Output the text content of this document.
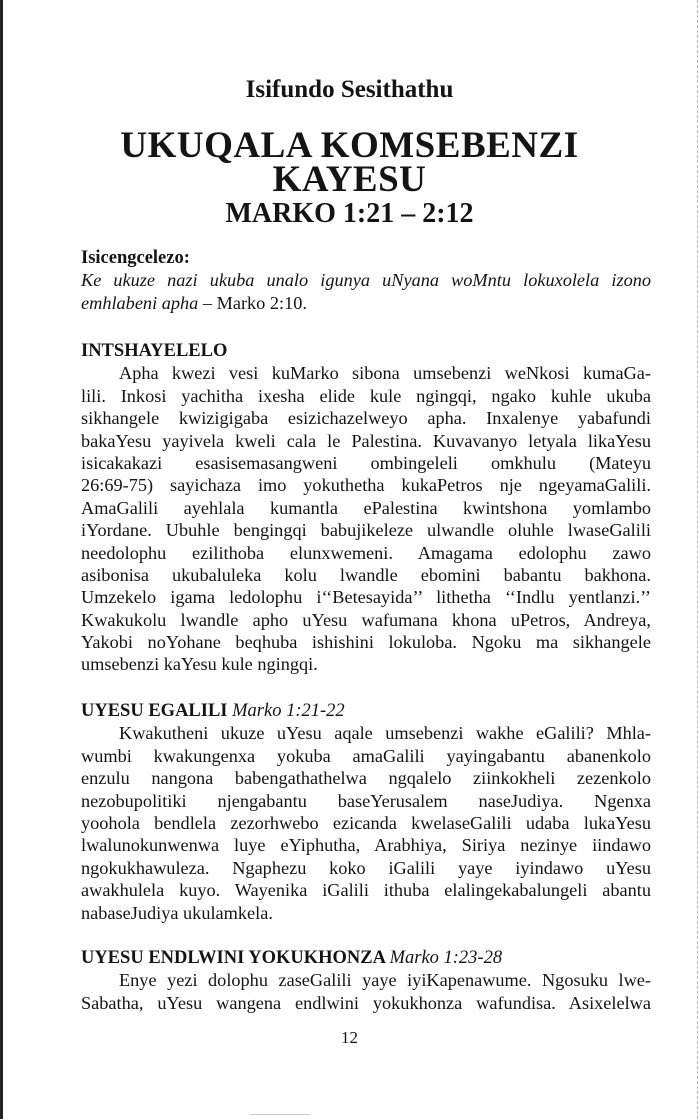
Isifundo Sesithathu
UKUQALA KOMSEBENZI
KAYESU
MARKO 1:21 – 2:12
Isicengcelezo:
Ke ukuze nazi ukuba unalo igunya uNyana woMntu lokuxolela izono
emhlabeni apha – Marko 2:10.
INTSHAYELELO
Apha kwezi vesi kuMarko sibona umsebenzi weNkosi kumaGa-
lili. Inkosi yachitha ixesha elide kule ngingqi, ngako kuhle ukuba
sikhangele kwizigigaba esizichazelweyo apha. Inxalenye yabafundi
bakaYesu yayivela kweli cala le Palestina. Kuvavanyo letyala likaYesu
isicakakazi esasisemasangweni ombingeleli omkhulu (Mateyu
26:69-75) sayichaza imo yokuthetha kukaPetros nje ngeyamaGalili.
AmaGalili ayehlala kumantla ePalestina kwintshona yomlambo
iYordane. Ubuhle bengingqi babujikeleze ulwandle oluhle lwaseGalili
needolophu ezilithoba elunxwemeni. Amagama edolophu zawo
asibonisa ukubaluleka kolu lwandle ebomini babantu bakhona.
Umzekelo igama ledolophu i‘‘Betesayida’’ lithetha ‘‘Indlu yentlanzi.’’
Kwakukolu lwandle apho uYesu wafumana khona uPetros, Andreya,
Yakobi noYohane beqhuba ishishini lokuloba. Ngoku ma sikhangele
umsebenzi kaYesu kule ngingqi.
UYESU EGALILI Marko 1:21-22
Kwakutheni ukuze uYesu aqale umsebenzi wakhe eGalili? Mhla-
wumbi kwakungenxa yokuba amaGalili yayingabantu abanenkolo
enzulu nangona babengathathelwa ngqalelo ziinkokheli zezenkolo
nezobupolitiki njengabantu baseYerusalem naseJudiya. Ngenxa
yoohola bendlela zezorhwebo ezicanda kwelaseGalili udaba lukaYesu
lwalunokunwenwa luye eYiphutha, Arabhiya, Siriya nezinye iindawo
ngokukhawuleza. Ngaphezu koko iGalili yaye iyindawo uYesu
awakhulela kuyo. Wayenika iGalili ithuba elalingekabalungeli abantu
nabaseJudiya ukulamkela.
UYESU ENDLWINI YOKUKHONZA Marko 1:23-28
Enye yezi dolophu zaseGalili yaye iyiKapenawume. Ngosuku lwe-
Sabatha, uYesu wangena endlwini yokukhonza wafundisa. Asixelelwa
12
